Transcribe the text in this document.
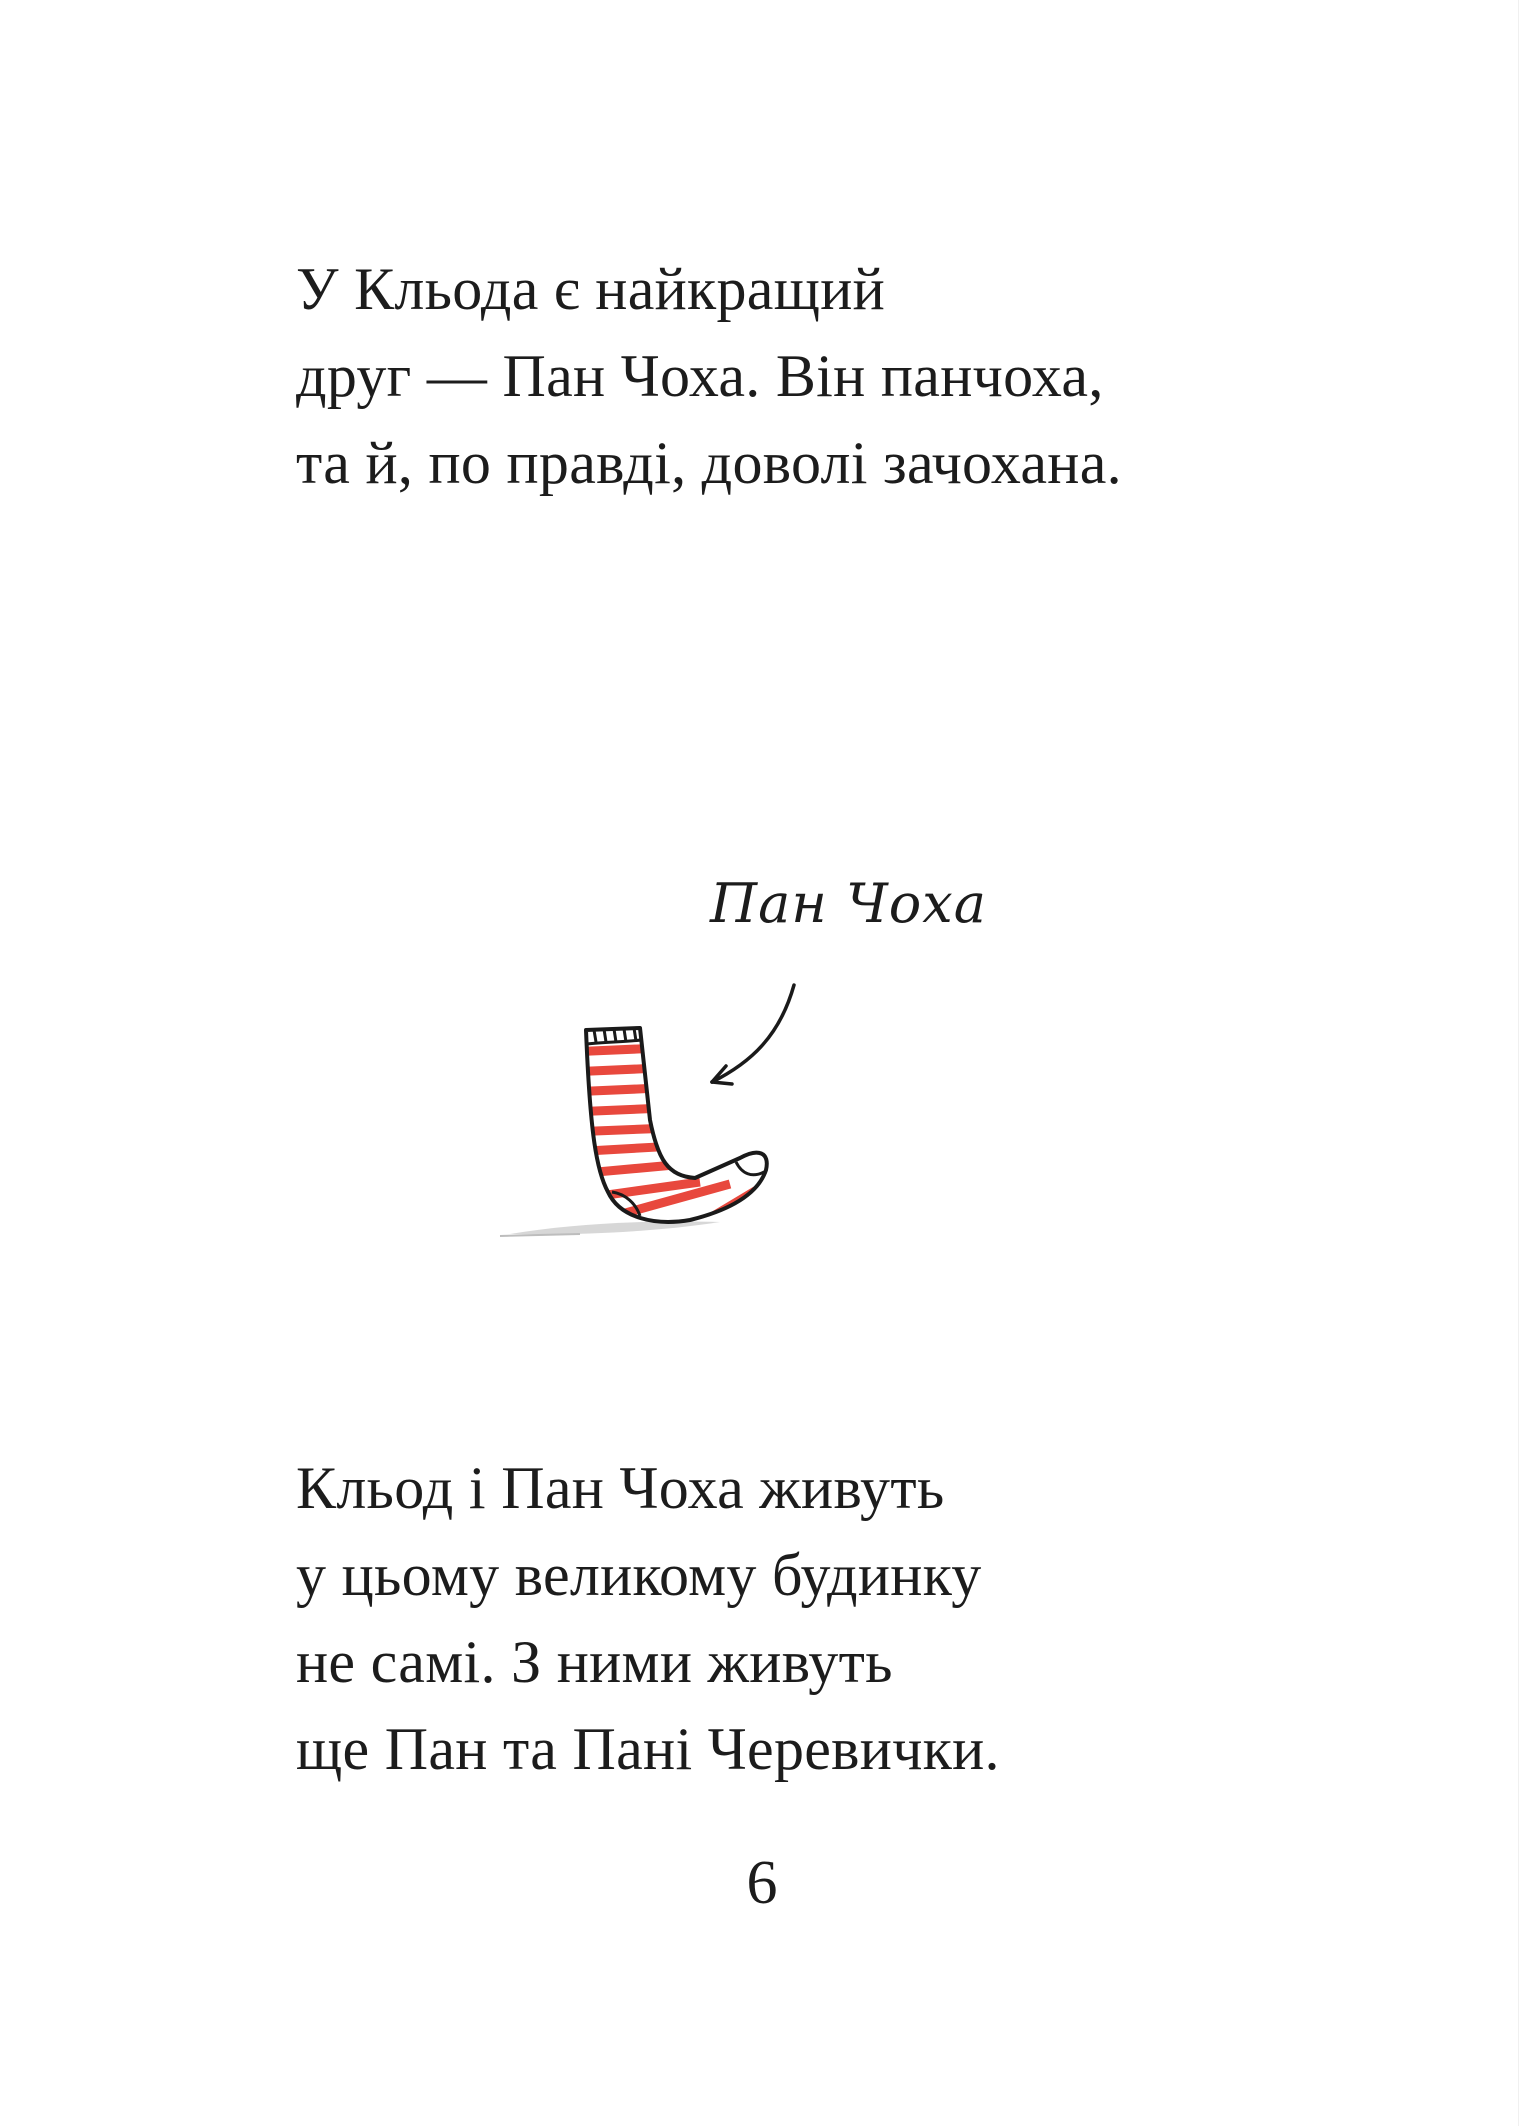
У Кльода є найкращий
друг — Пан Чоха. Він панчоха,
та й, по правді, доволі зачохана.

Пан Чоха

Кльод і Пан Чоха живуть
у цьому великому будинку
не самі. З ними живуть
ще Пан та Пані Черевички.

6
